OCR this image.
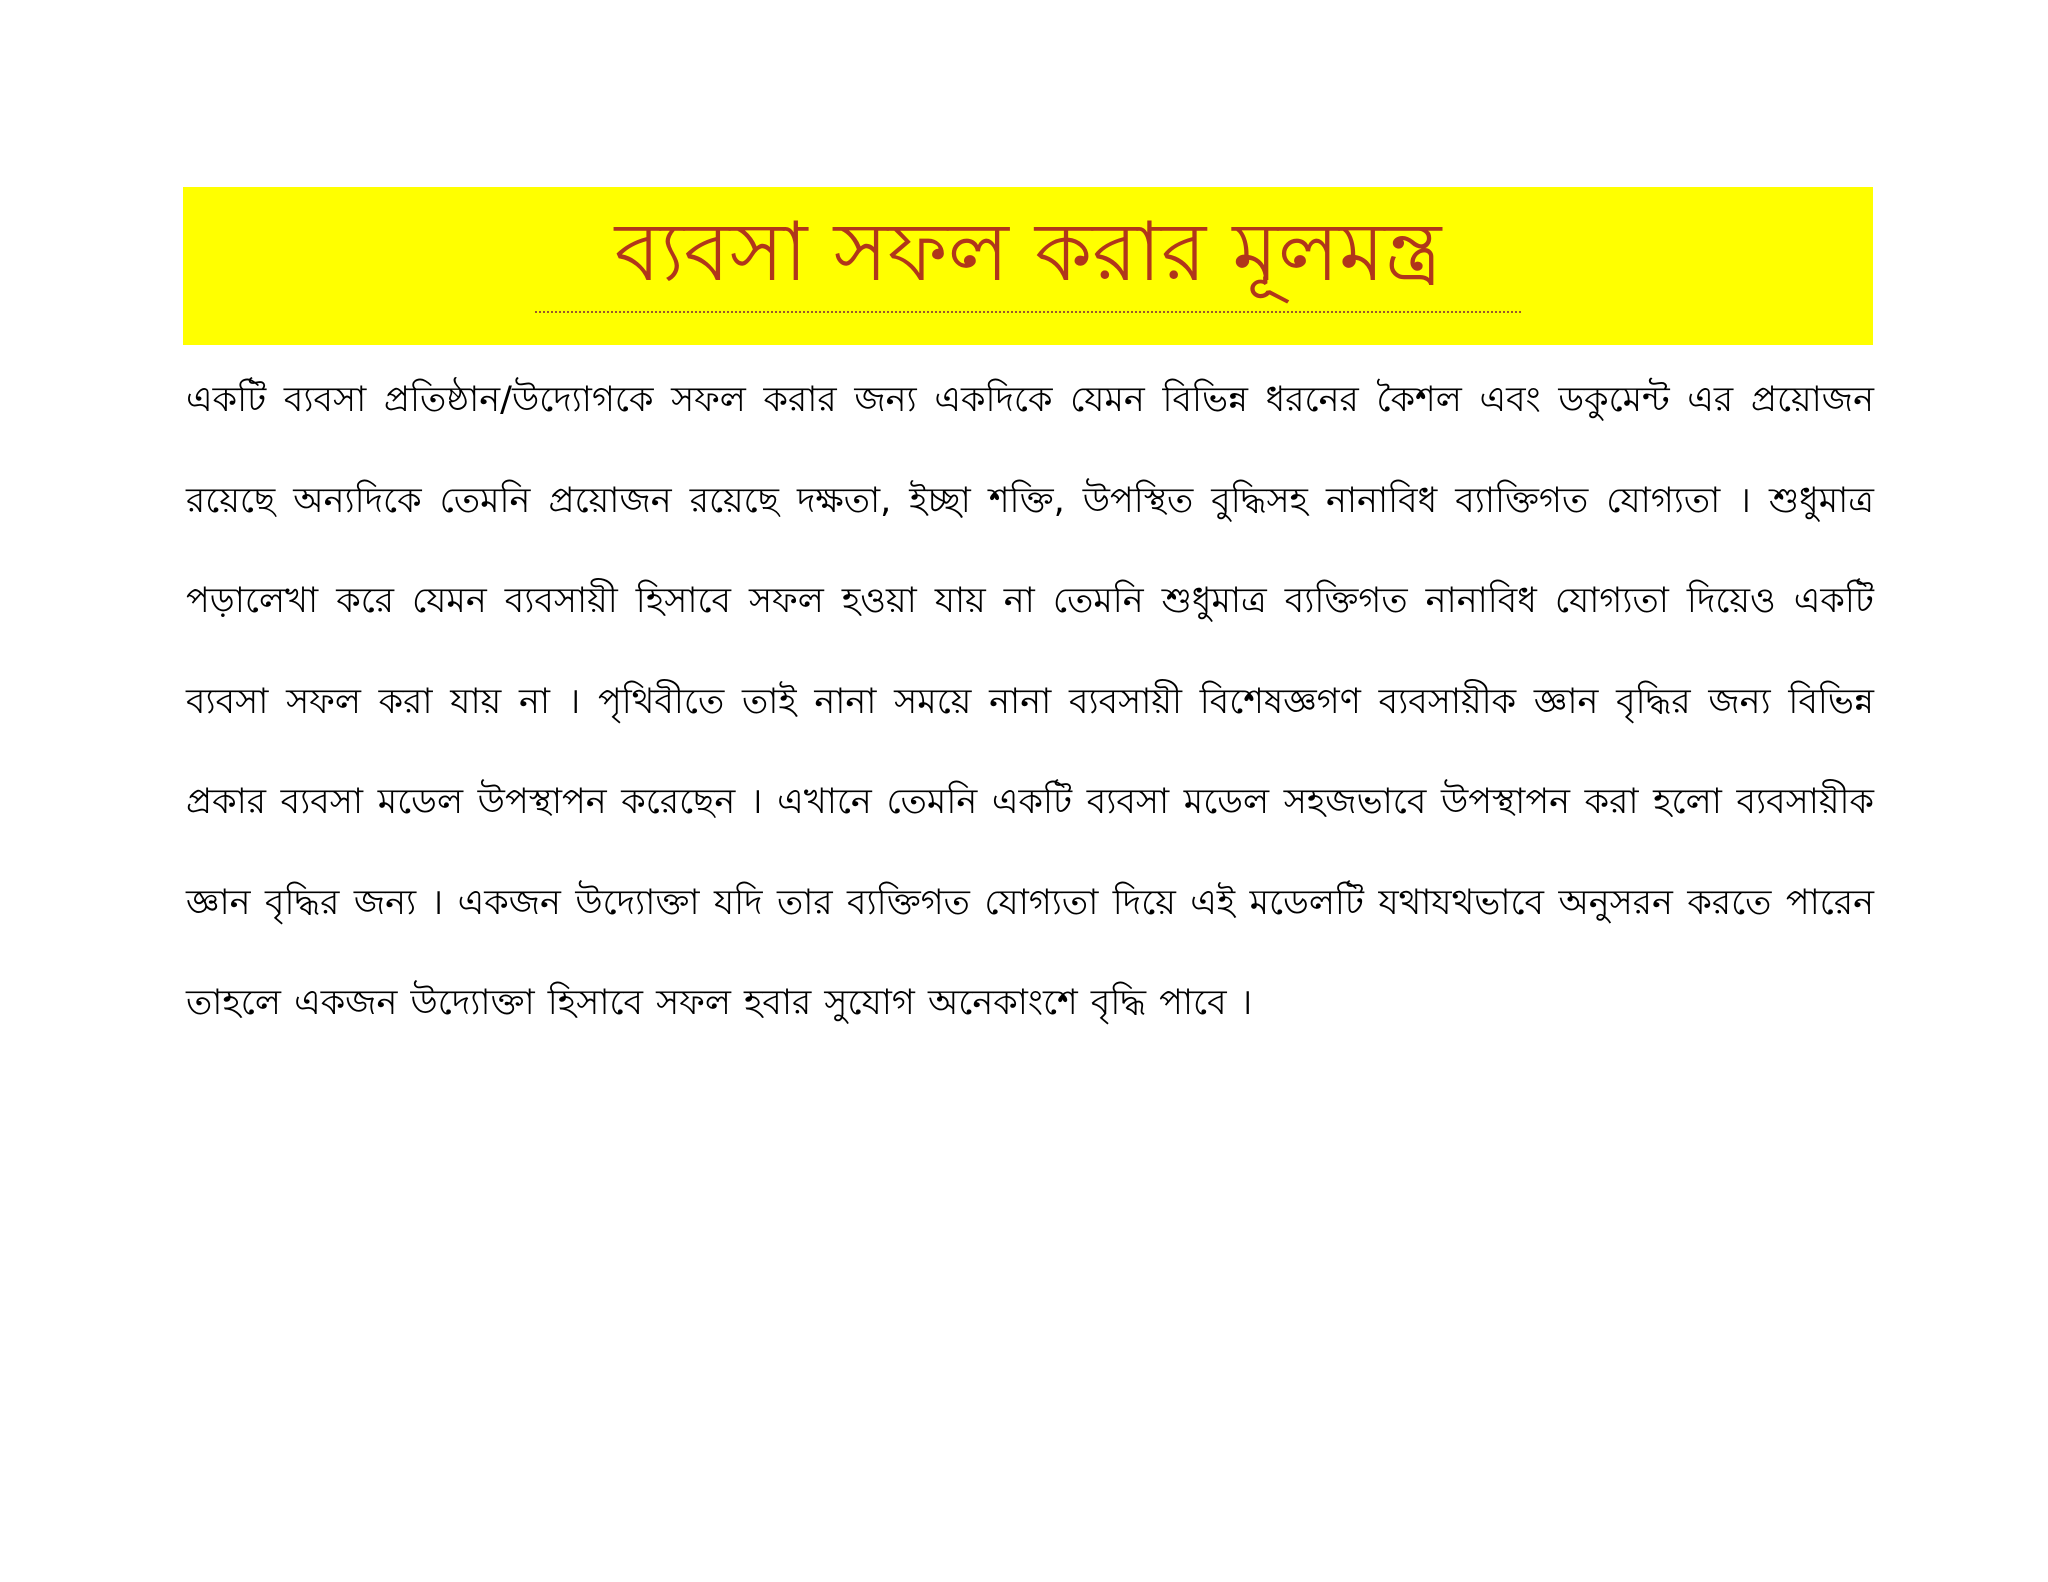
ব্যবসা সফল করার মূলমন্ত্র
একটি ব্যবসা প্রতিষ্ঠান/উদ্যোগকে সফল করার জন্য একদিকে যেমন বিভিন্ন ধরনের কৈশল এবং ডকুমেন্ট এর প্রয়োজন রয়েছে অন্যদিকে তেমনি প্রয়োজন রয়েছে দক্ষতা, ইচ্ছা শক্তি, উপস্থিত বুদ্ধিসহ নানাবিধ ব্যাক্তিগত যোগ্যতা । শুধুমাত্র পড়ালেখা করে যেমন ব্যবসায়ী হিসাবে সফল হওয়া যায় না তেমনি শুধুমাত্র ব্যক্তিগত নানাবিধ যোগ্যতা দিয়েও একটি ব্যবসা সফল করা যায় না । পৃথিবীতে তাই নানা সময়ে নানা ব্যবসায়ী বিশেষজ্ঞগণ ব্যবসায়ীক জ্ঞান বৃদ্ধির জন্য বিভিন্ন প্রকার ব্যবসা মডেল উপস্থাপন করেছেন । এখানে তেমনি একটি ব্যবসা মডেল সহজভাবে উপস্থাপন করা হলো ব্যবসায়ীক জ্ঞান বৃদ্ধির জন্য । একজন উদ্যোক্তা যদি তার ব্যক্তিগত যোগ্যতা দিয়ে এই মডেলটি যথাযথভাবে অনুসরন করতে পারেন তাহলে একজন উদ্যোক্তা হিসাবে সফল হবার সুযোগ অনেকাংশে বৃদ্ধি পাবে ।
